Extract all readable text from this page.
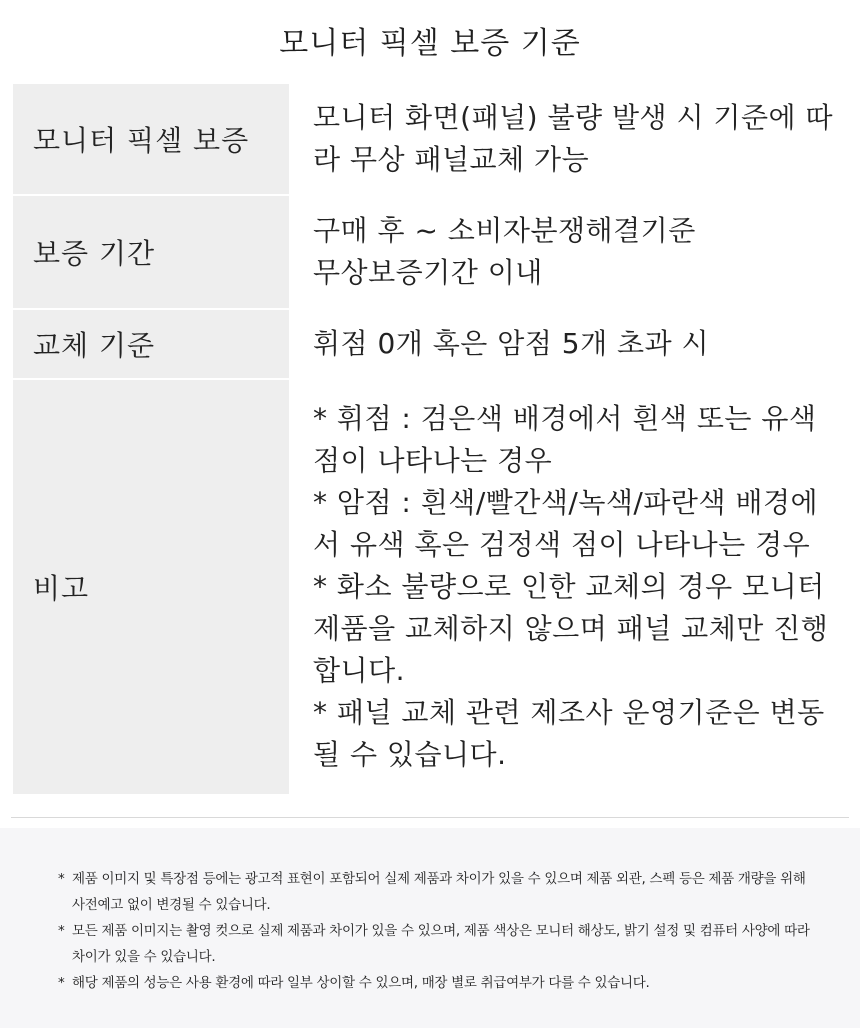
모니터 픽셀 보증 기준
모니터 픽셀 보증	모니터 화면(패널) 불량 발생 시 기준에 따라 무상 패널교체 가능

보증 기간	구매 후 ~ 소비자분쟁해결기준
무상보증기간 이내

교체 기준	휘점 0개 혹은 암점 5개 초과 시

비고	* 휘점 : 검은색 배경에서 흰색 또는 유색 점이 나타나는 경우
* 암점 : 흰색/빨간색/녹색/파란색 배경에서 유색 혹은 검정색 점이 나타나는 경우
* 화소 불량으로 인한 교체의 경우 모니터 제품을 교체하지 않으며 패널 교체만 진행합니다.
* 패널 교체 관련 제조사 운영기준은 변동될 수 있습니다.
* 제품 이미지 및 특장점 등에는 광고적 표현이 포함되어 실제 제품과 차이가 있을 수 있으며 제품 외관, 스펙 등은 제품 개량을 위해 사전예고 없이 변경될 수 있습니다.
* 모든 제품 이미지는 촬영 컷으로 실제 제품과 차이가 있을 수 있으며, 제품 색상은 모니터 해상도, 밝기 설정 및 컴퓨터 사양에 따라 차이가 있을 수 있습니다.
* 해당 제품의 성능은 사용 환경에 따라 일부 상이할 수 있으며, 매장 별로 취급여부가 다를 수 있습니다.
